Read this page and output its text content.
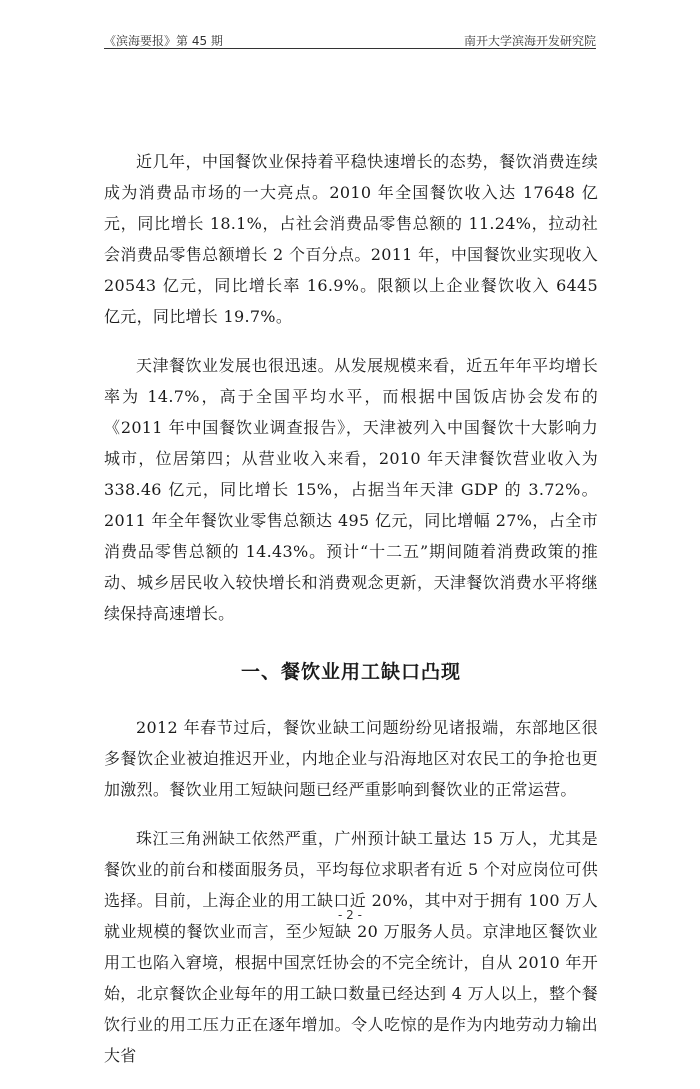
《滨海要报》第 45 期	南开大学滨海开发研究院

近几年，中国餐饮业保持着平稳快速增长的态势，餐饮消费连续成为消费品市场的一大亮点。2010 年全国餐饮收入达 17648 亿元，同比增长 18.1%，占社会消费品零售总额的 11.24%，拉动社会消费品零售总额增长 2 个百分点。2011 年，中国餐饮业实现收入 20543 亿元，同比增长率 16.9%。限额以上企业餐饮收入 6445 亿元，同比增长 19.7%。

天津餐饮业发展也很迅速。从发展规模来看，近五年年平均增长率为 14.7%，高于全国平均水平，而根据中国饭店协会发布的《2011 年中国餐饮业调查报告》，天津被列入中国餐饮十大影响力城市，位居第四；从营业收入来看，2010 年天津餐饮营业收入为 338.46 亿元，同比增长 15%，占据当年天津 GDP 的 3.72%。2011 年全年餐饮业零售总额达 495 亿元，同比增幅 27%，占全市消费品零售总额的 14.43%。预计“十二五”期间随着消费政策的推动、城乡居民收入较快增长和消费观念更新，天津餐饮消费水平将继续保持高速增长。

一、餐饮业用工缺口凸现

2012 年春节过后，餐饮业缺工问题纷纷见诸报端，东部地区很多餐饮企业被迫推迟开业，内地企业与沿海地区对农民工的争抢也更加激烈。餐饮业用工短缺问题已经严重影响到餐饮业的正常运营。

珠江三角洲缺工依然严重，广州预计缺工量达 15 万人，尤其是餐饮业的前台和楼面服务员，平均每位求职者有近 5 个对应岗位可供选择。目前，上海企业的用工缺口近 20%，其中对于拥有 100 万人就业规模的餐饮业而言，至少短缺 20 万服务人员。京津地区餐饮业用工也陷入窘境，根据中国烹饪协会的不完全统计，自从 2010 年开始，北京餐饮企业每年的用工缺口数量已经达到 4 万人以上，整个餐饮行业的用工压力正在逐年增加。令人吃惊的是作为内地劳动力输出大省

- 2 -
